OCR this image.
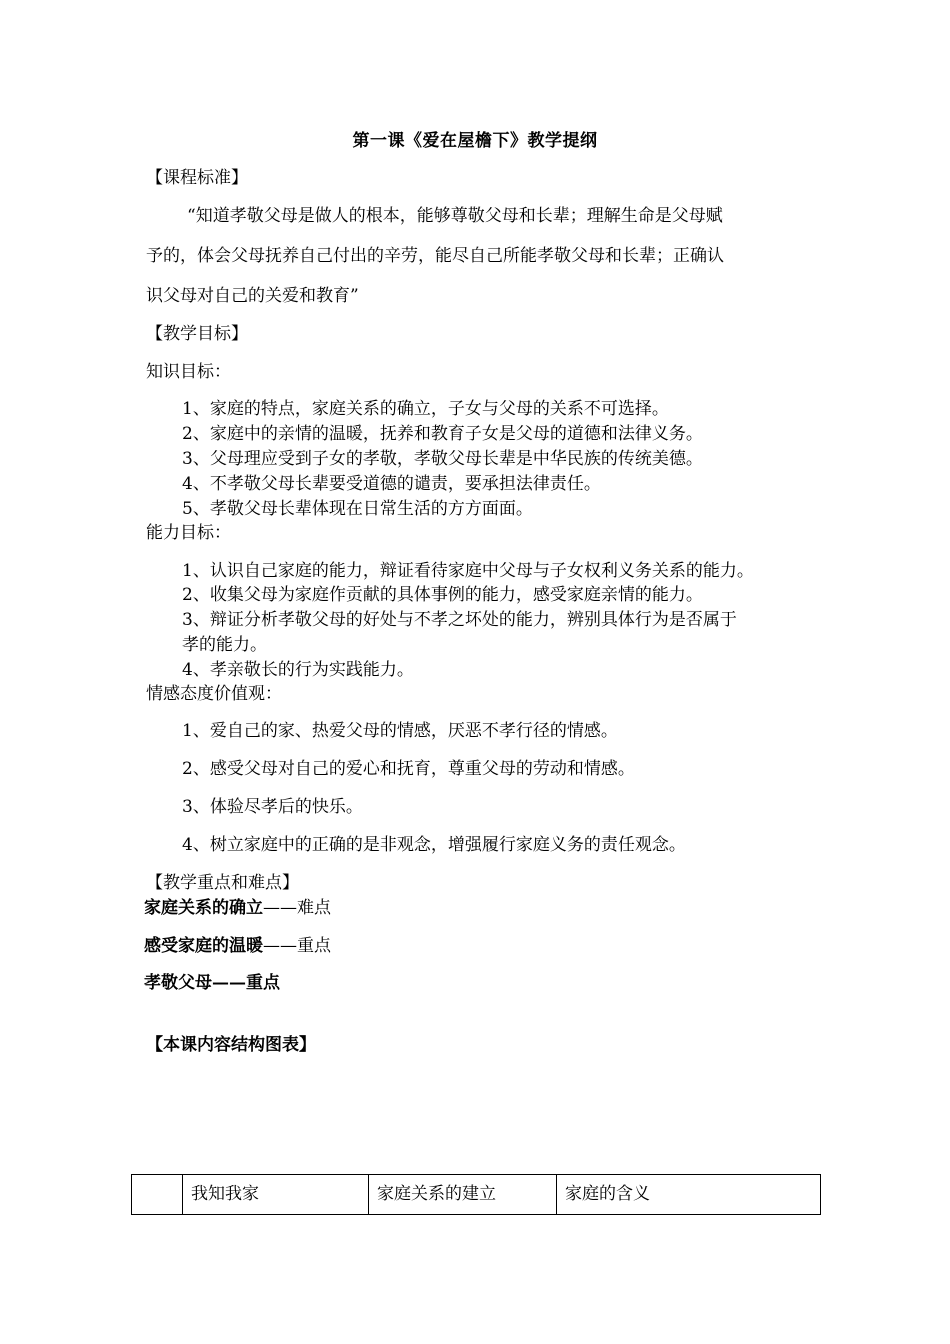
第一课《爱在屋檐下》教学提纲
【课程标准】
“知道孝敬父母是做人的根本，能够尊敬父母和长辈；理解生命是父母赋
予的，体会父母抚养自己付出的辛劳，能尽自己所能孝敬父母和长辈；正确认
识父母对自己的关爱和教育”
【教学目标】
知识目标：
1、家庭的特点，家庭关系的确立，子女与父母的关系不可选择。
2、家庭中的亲情的温暖，抚养和教育子女是父母的道德和法律义务。
3、父母理应受到子女的孝敬，孝敬父母长辈是中华民族的传统美德。
4、不孝敬父母长辈要受道德的谴责，要承担法律责任。
5、孝敬父母长辈体现在日常生活的方方面面。
能力目标：
1、认识自己家庭的能力，辩证看待家庭中父母与子女权利义务关系的能力。
2、收集父母为家庭作贡献的具体事例的能力，感受家庭亲情的能力。
3、辩证分析孝敬父母的好处与不孝之坏处的能力，辨别具体行为是否属于
孝的能力。
4、孝亲敬长的行为实践能力。
情感态度价值观：
1、爱自己的家、热爱父母的情感，厌恶不孝行径的情感。
2、感受父母对自己的爱心和抚育，尊重父母的劳动和情感。
3、体验尽孝后的快乐。
4、树立家庭中的正确的是非观念，增强履行家庭义务的责任观念。
【教学重点和难点】
家庭关系的确立——难点
感受家庭的温暖——重点
孝敬父母——重点
【本课内容结构图表】
	我知我家	家庭关系的建立	家庭的含义
